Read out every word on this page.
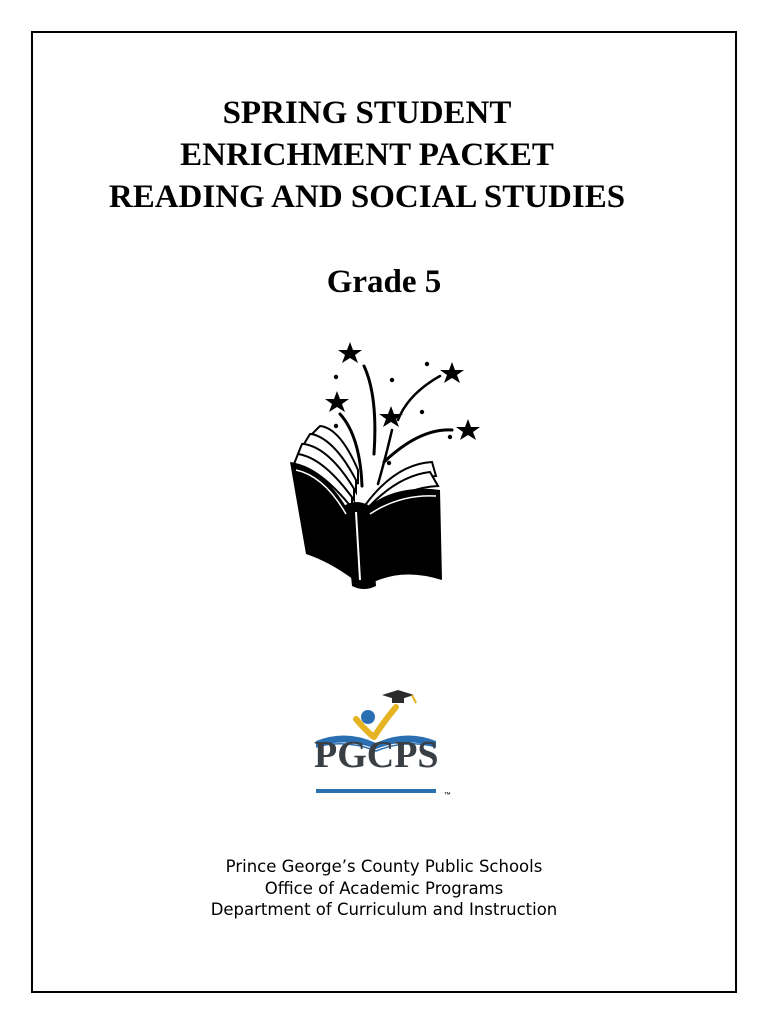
SPRING STUDENT
ENRICHMENT PACKET
READING AND SOCIAL STUDIES
Grade 5
PGCPS
™
Prince George’s County Public Schools
Office of Academic Programs
Department of Curriculum and Instruction
